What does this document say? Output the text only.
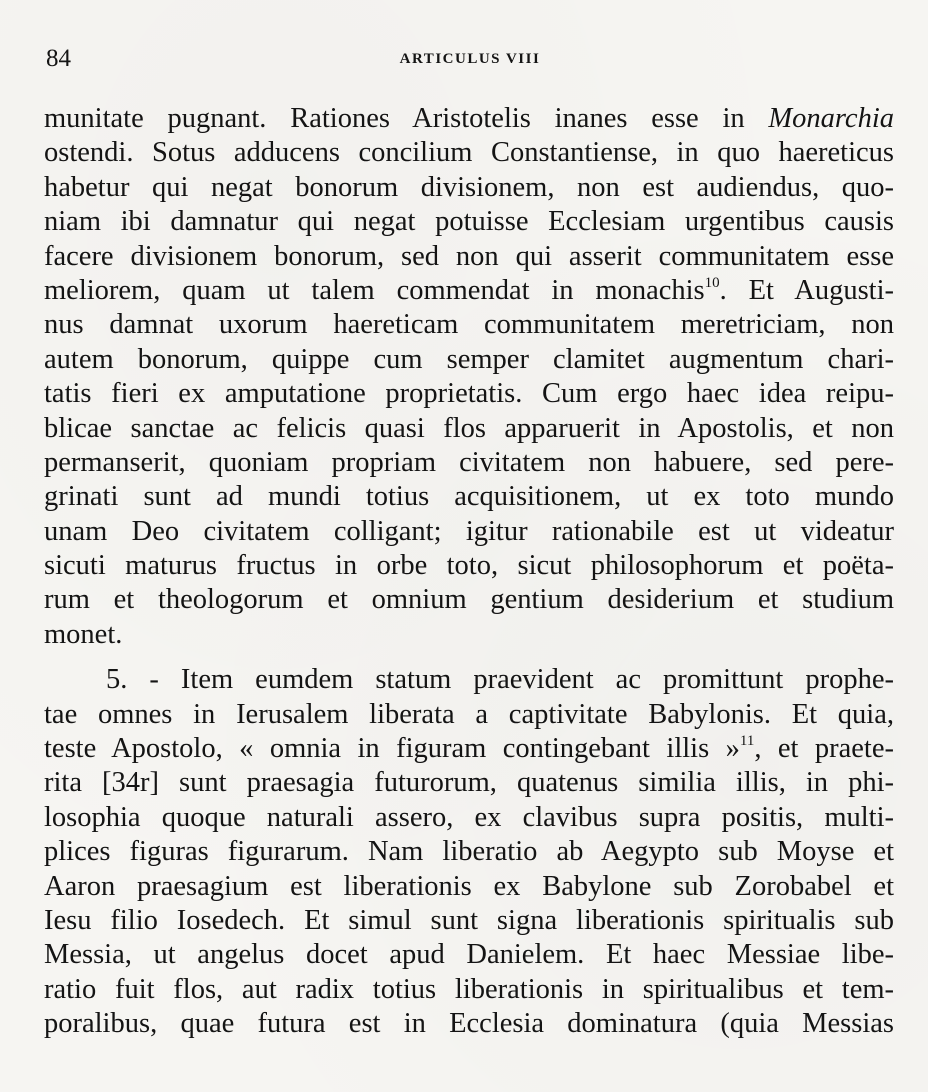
84	ARTICULUS VIII
munitate pugnant. Rationes Aristotelis inanes esse in Monarchia
ostendi. Sotus adducens concilium Constantiense, in quo haereticus
habetur qui negat bonorum divisionem, non est audiendus, quo-
niam ibi damnatur qui negat potuisse Ecclesiam urgentibus causis
facere divisionem bonorum, sed non qui asserit communitatem esse
meliorem, quam ut talem commendat in monachis$^{10}$. Et Augusti-
nus damnat uxorum haereticam communitatem meretriciam, non
autem bonorum, quippe cum semper clamitet augmentum chari-
tatis fieri ex amputatione proprietatis. Cum ergo haec idea reipu-
blicae sanctae ac felicis quasi flos apparuerit in Apostolis, et non
permanserit, quoniam propriam civitatem non habuere, sed pere-
grinati sunt ad mundi totius acquisitionem, ut ex toto mundo
unam Deo civitatem colligant; igitur rationabile est ut videatur
sicuti maturus fructus in orbe toto, sicut philosophorum et poëta-
rum et theologorum et omnium gentium desiderium et studium
monet.
5. - Item eumdem statum praevident ac promittunt prophe-
tae omnes in Ierusalem liberata a captivitate Babylonis. Et quia,
teste Apostolo, « omnia in figuram contingebant illis »$^{11}$, et praete-
rita [34r] sunt praesagia futurorum, quatenus similia illis, in phi-
losophia quoque naturali assero, ex clavibus supra positis, multi-
plices figuras figurarum. Nam liberatio ab Aegypto sub Moyse et
Aaron praesagium est liberationis ex Babylone sub Zorobabel et
Iesu filio Iosedech. Et simul sunt signa liberationis spiritualis sub
Messia, ut angelus docet apud Danielem. Et haec Messiae libe-
ratio fuit flos, aut radix totius liberationis in spiritualibus et tem-
poralibus, quae futura est in Ecclesia dominatura (quia Messias
